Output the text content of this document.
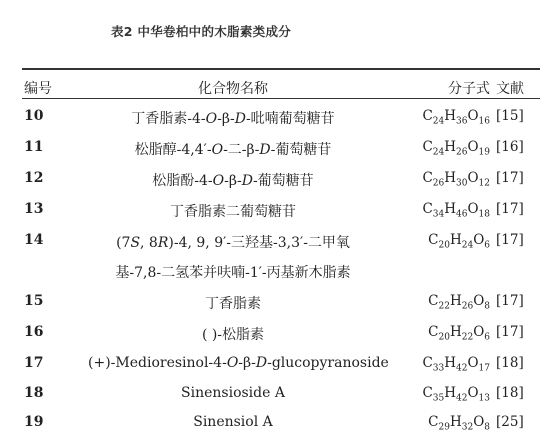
表2 中华卷柏中的木脂素类成分
编号	化合物名称	分子式 文献
10	丁香脂素-4-O-β-D-吡喃葡萄糖苷	$C_{24}H_{36}O_{16}$ [15]
11	松脂醇-4,4′-O-二-β-D-葡萄糖苷	$C_{24}H_{26}O_{19}$ [16]
12	松脂酚-4-O-β-D-葡萄糖苷	$C_{26}H_{30}O_{12}$ [17]
13	丁香脂素二葡萄糖苷	$C_{34}H_{46}O_{18}$ [17]
14	(7S, 8R)-4, 9, 9′-三羟基-3,3′-二甲氧	$C_{20}H_{24}O_6$ [17]
基-7,8-二氢苯并呋喃-1′-丙基新木脂素
15	丁香脂素	$C_{22}H_{26}O_8$ [17]
16	( )-松脂素	$C_{20}H_{22}O_6$ [17]
17	(+)-Medioresinol-4-O-β-D-glucopyranoside	$C_{33}H_{42}O_{17}$ [18]
18	Sinensioside A	$C_{35}H_{42}O_{13}$ [18]
19	Sinensiol A	$C_{29}H_{32}O_8$ [25]
